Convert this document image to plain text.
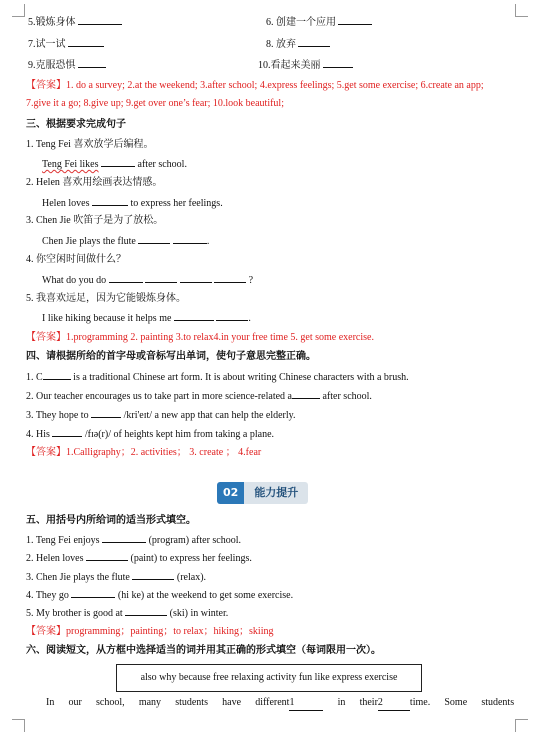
5.锻炼身体	6. 创建一个应用
7.试一试	8. 放弃
9.克服恐惧	10.看起来美丽
【答案】1. do a survey; 2.at the weekend; 3.after school; 4.express feelings; 5.get some exercise; 6.create an app;
7.give it a go; 8.give up; 9.get over one’s fear; 10.look beautiful;
三、根据要求完成句子
1. Teng Fei 喜欢放学后编程。
Teng Fei likes	after school.
2. Helen 喜欢用绘画表达情感。
Helen loves	to express her feelings.
3. Chen Jie 吹笛子是为了放松。
Chen Jie plays the flute	.
4. 你空闲时间做什么？
What do you do	?
5. 我喜欢远足，因为它能锻炼身体。
I like hiking because it helps me	.
【答案】1.programming 2. painting 3.to relax4.in your free time 5. get some exercise.
四、请根据所给的首字母或音标写出单词，使句子意思完整正确。
1. C	is a traditional Chinese art form. It is about writing Chinese characters with a brush.
2. Our teacher encourages us to take part in more science-related a	after school.
3. They hope to	/kri'eɪt/ a new app that can help the elderly.
4. His	/fɪə(r)/ of heights kept him from taking a plane.
【答案】1.Calligraphy；2. activities； 3. create ； 4.fear
02	能力提升
五、用括号内所给词的适当形式填空。
1. Teng Fei enjoys	(program) after school.
2. Helen loves	(paint) to express her feelings.
3. Chen Jie plays the flute	(relax).
4. They go	(hi ke) at the weekend to get some exercise.
5. My brother is good at	(ski) in winter.
【答案】programming；painting；to relax；hiking；skiing
六、阅读短文，从方框中选择适当的词并用其正确的形式填空（每词限用一次）。
also why because free relaxing activity fun like express exercise
In our school, many students have different1	in their2	time. Some students
